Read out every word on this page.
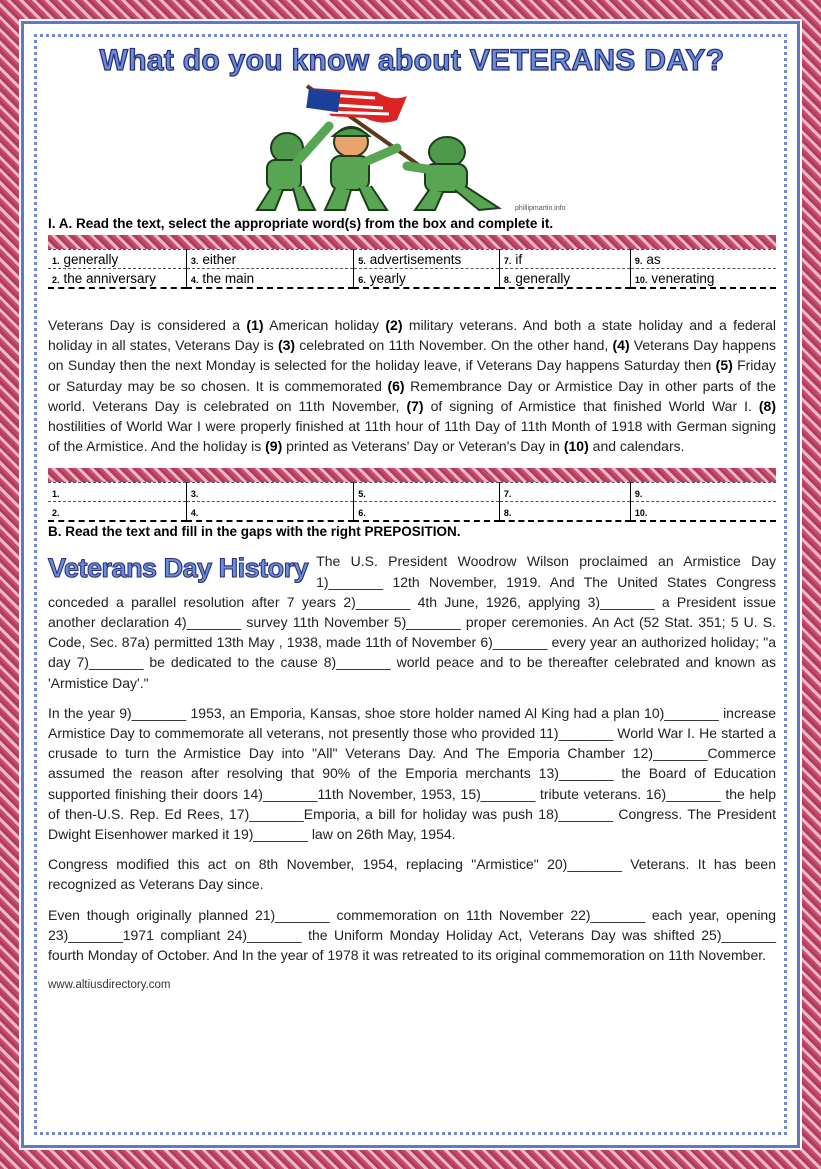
What do you know about VETERANS DAY?
phillipmartin.info
I. A. Read the text, select the appropriate word(s) from the box and complete it.
1. generally	3. either	5. advertisements	7. if	9. as
2. the anniversary	4. the main	6. yearly	8. generally	10. venerating

Veterans Day is considered a (1) American holiday (2) military veterans. And both a state holiday and a federal holiday in all states, Veterans Day is (3) celebrated on 11th November. On the other hand, (4) Veterans Day happens on Sunday then the next Monday is selected for the holiday leave, if Veterans Day happens Saturday then (5) Friday or Saturday may be so chosen. It is commemorated (6) Remembrance Day or Armistice Day in other parts of the world. Veterans Day is celebrated on 11th November, (7) of signing of Armistice that finished World War I. (8) hostilities of World War I were properly finished at 11th hour of 11th Day of 11th Month of 1918 with German signing of the Armistice. And the holiday is (9) printed as Veterans' Day or Veteran's Day in (10) and calendars.

1.	3.	5.	7.	9.
2.	4.	6.	8.	10.
B. Read the text and fill in the gaps with the right PREPOSITION.
Veterans Day History The U.S. President Woodrow Wilson proclaimed an Armistice Day 1)_______ 12th November, 1919. And The United States Congress conceded a parallel resolution after 7 years 2)_______ 4th June, 1926, applying 3)_______ a President issue another declaration 4)_______ survey 11th November 5)_______ proper ceremonies. An Act (52 Stat. 351; 5 U. S. Code, Sec. 87a) permitted 13th May , 1938, made 11th of November 6)_______ every year an authorized holiday; "a day 7)_______ be dedicated to the cause 8)_______ world peace and to be thereafter celebrated and known as 'Armistice Day'."

In the year 9)_______ 1953, an Emporia, Kansas, shoe store holder named Al King had a plan 10)_______ increase Armistice Day to commemorate all veterans, not presently those who provided 11)_______ World War I. He started a crusade to turn the Armistice Day into "All" Veterans Day. And The Emporia Chamber 12)_______Commerce assumed the reason after resolving that 90% of the Emporia merchants 13)_______ the Board of Education supported finishing their doors 14)_______11th November, 1953, 15)_______ tribute veterans. 16)_______ the help of then-U.S. Rep. Ed Rees, 17)_______Emporia, a bill for holiday was push 18)_______ Congress. The President Dwight Eisenhower marked it 19)_______ law on 26th May, 1954.

Congress modified this act on 8th November, 1954, replacing "Armistice" 20)_______ Veterans. It has been recognized as Veterans Day since.

Even though originally planned 21)_______ commemoration on 11th November 22)_______ each year, opening 23)_______1971 compliant 24)_______ the Uniform Monday Holiday Act, Veterans Day was shifted 25)_______ fourth Monday of October. And In the year of 1978 it was retreated to its original commemoration on 11th November.

www.altiusdirectory.com
